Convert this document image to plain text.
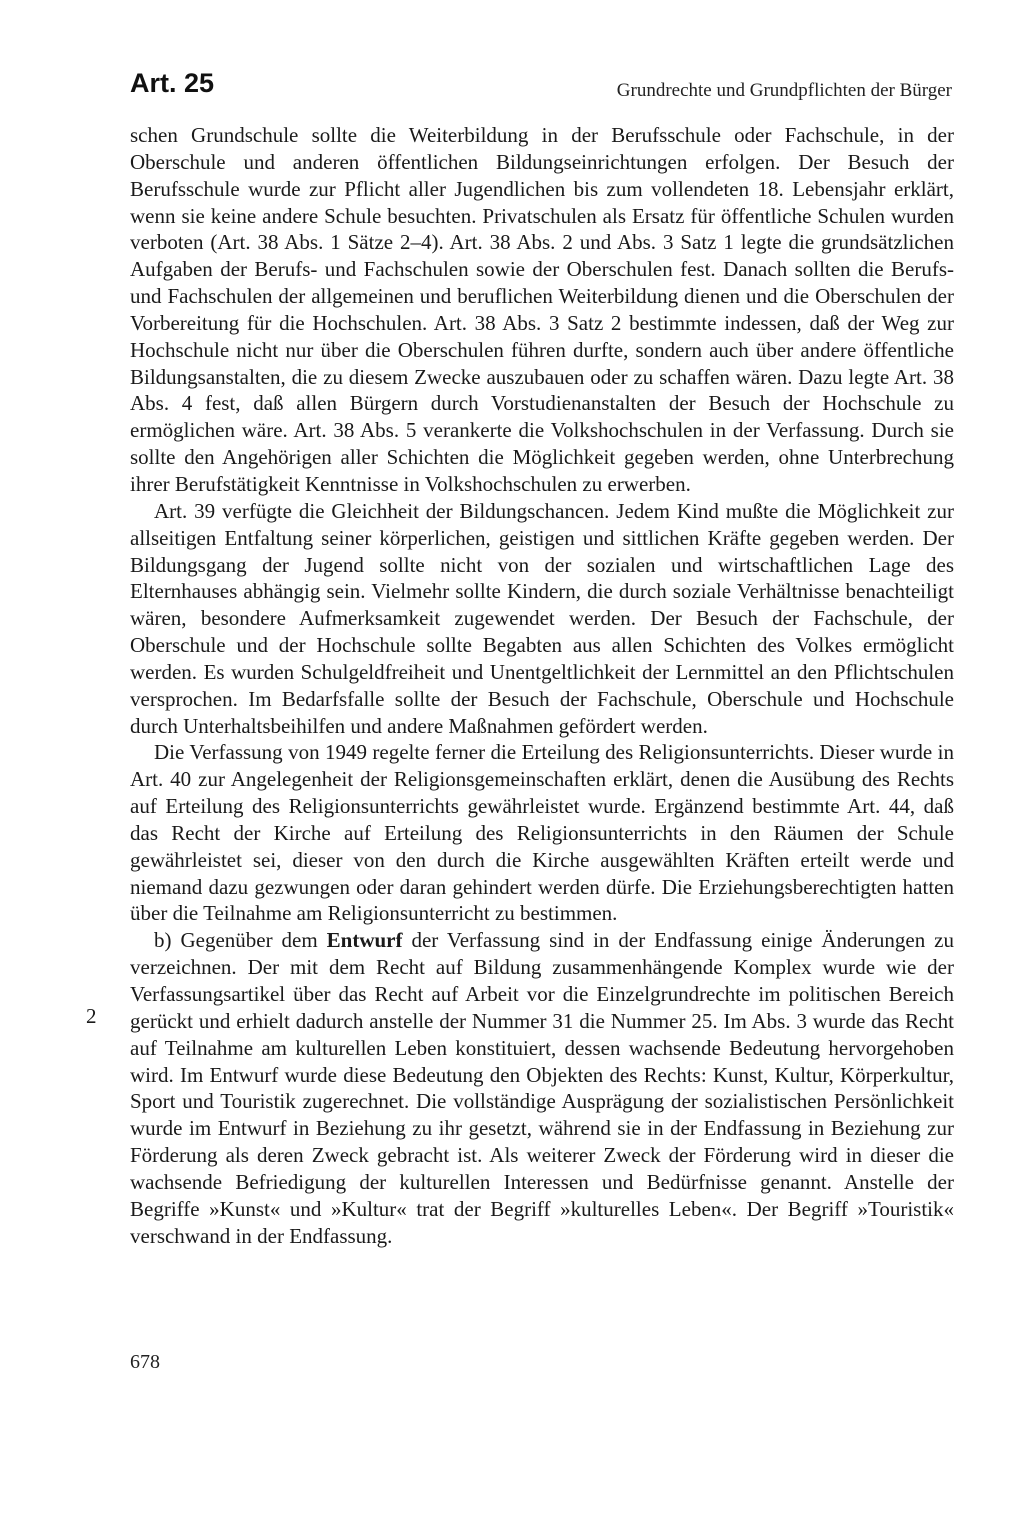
Art. 25	Grundrechte und Grundpflichten der Bürger

schen Grundschule sollte die Weiterbildung in der Berufsschule oder Fachschule, in der Oberschule und anderen öffentlichen Bildungseinrichtungen erfolgen. Der Besuch der Berufsschule wurde zur Pflicht aller Jugendlichen bis zum vollendeten 18. Lebensjahr erklärt, wenn sie keine andere Schule besuchten. Privatschulen als Ersatz für öffentliche Schulen wurden verboten (Art. 38 Abs. 1 Sätze 2–4). Art. 38 Abs. 2 und Abs. 3 Satz 1 legte die grundsätzlichen Aufgaben der Berufs- und Fachschulen sowie der Oberschulen fest. Danach sollten die Berufs- und Fachschulen der allgemeinen und beruflichen Weiterbildung dienen und die Oberschulen der Vorbereitung für die Hochschulen. Art. 38 Abs. 3 Satz 2 bestimmte indessen, daß der Weg zur Hochschule nicht nur über die Oberschulen führen durfte, sondern auch über andere öffentliche Bildungsanstalten, die zu diesem Zwecke auszubauen oder zu schaffen wären. Dazu legte Art. 38 Abs. 4 fest, daß allen Bürgern durch Vorstudienanstalten der Besuch der Hochschule zu ermöglichen wäre. Art. 38 Abs. 5 verankerte die Volkshochschulen in der Verfassung. Durch sie sollte den Angehörigen aller Schichten die Möglichkeit gegeben werden, ohne Unterbrechung ihrer Berufstätigkeit Kenntnisse in Volkshochschulen zu erwerben.

Art. 39 verfügte die Gleichheit der Bildungschancen. Jedem Kind mußte die Möglichkeit zur allseitigen Entfaltung seiner körperlichen, geistigen und sittlichen Kräfte gegeben werden. Der Bildungsgang der Jugend sollte nicht von der sozialen und wirtschaftlichen Lage des Elternhauses abhängig sein. Vielmehr sollte Kindern, die durch soziale Verhältnisse benachteiligt wären, besondere Aufmerksamkeit zugewendet werden. Der Besuch der Fachschule, der Oberschule und der Hochschule sollte Begabten aus allen Schichten des Volkes ermöglicht werden. Es wurden Schulgeldfreiheit und Unentgeltlichkeit der Lernmittel an den Pflichtschulen versprochen. Im Bedarfsfalle sollte der Besuch der Fachschule, Oberschule und Hochschule durch Unterhaltsbeihilfen und andere Maßnahmen gefördert werden.

Die Verfassung von 1949 regelte ferner die Erteilung des Religionsunterrichts. Dieser wurde in Art. 40 zur Angelegenheit der Religionsgemeinschaften erklärt, denen die Ausübung des Rechts auf Erteilung des Religionsunterrichts gewährleistet wurde. Ergänzend bestimmte Art. 44, daß das Recht der Kirche auf Erteilung des Religionsunterrichts in den Räumen der Schule gewährleistet sei, dieser von den durch die Kirche ausgewählten Kräften erteilt werde und niemand dazu gezwungen oder daran gehindert werden dürfe. Die Erziehungsberechtigten hatten über die Teilnahme am Religionsunterricht zu bestimmen.

b) Gegenüber dem Entwurf der Verfassung sind in der Endfassung einige Änderungen zu verzeichnen. Der mit dem Recht auf Bildung zusammenhängende Komplex wurde wie der Verfassungsartikel über das Recht auf Arbeit vor die Einzelgrundrechte im politischen Bereich gerückt und erhielt dadurch anstelle der Nummer 31 die Nummer 25. Im Abs. 3 wurde das Recht auf Teilnahme am kulturellen Leben konstituiert, dessen wachsende Bedeutung hervorgehoben wird. Im Entwurf wurde diese Bedeutung den Objekten des Rechts: Kunst, Kultur, Körperkultur, Sport und Touristik zugerechnet. Die vollständige Ausprägung der sozialistischen Persönlichkeit wurde im Entwurf in Beziehung zu ihr gesetzt, während sie in der Endfassung in Beziehung zur Förderung als deren Zweck gebracht ist. Als weiterer Zweck der Förderung wird in dieser die wachsende Befriedigung der kulturellen Interessen und Bedürfnisse genannt. Anstelle der Begriffe »Kunst« und »Kultur« trat der Begriff »kulturelles Leben«. Der Begriff »Touristik« verschwand in der Endfassung.

2
678
